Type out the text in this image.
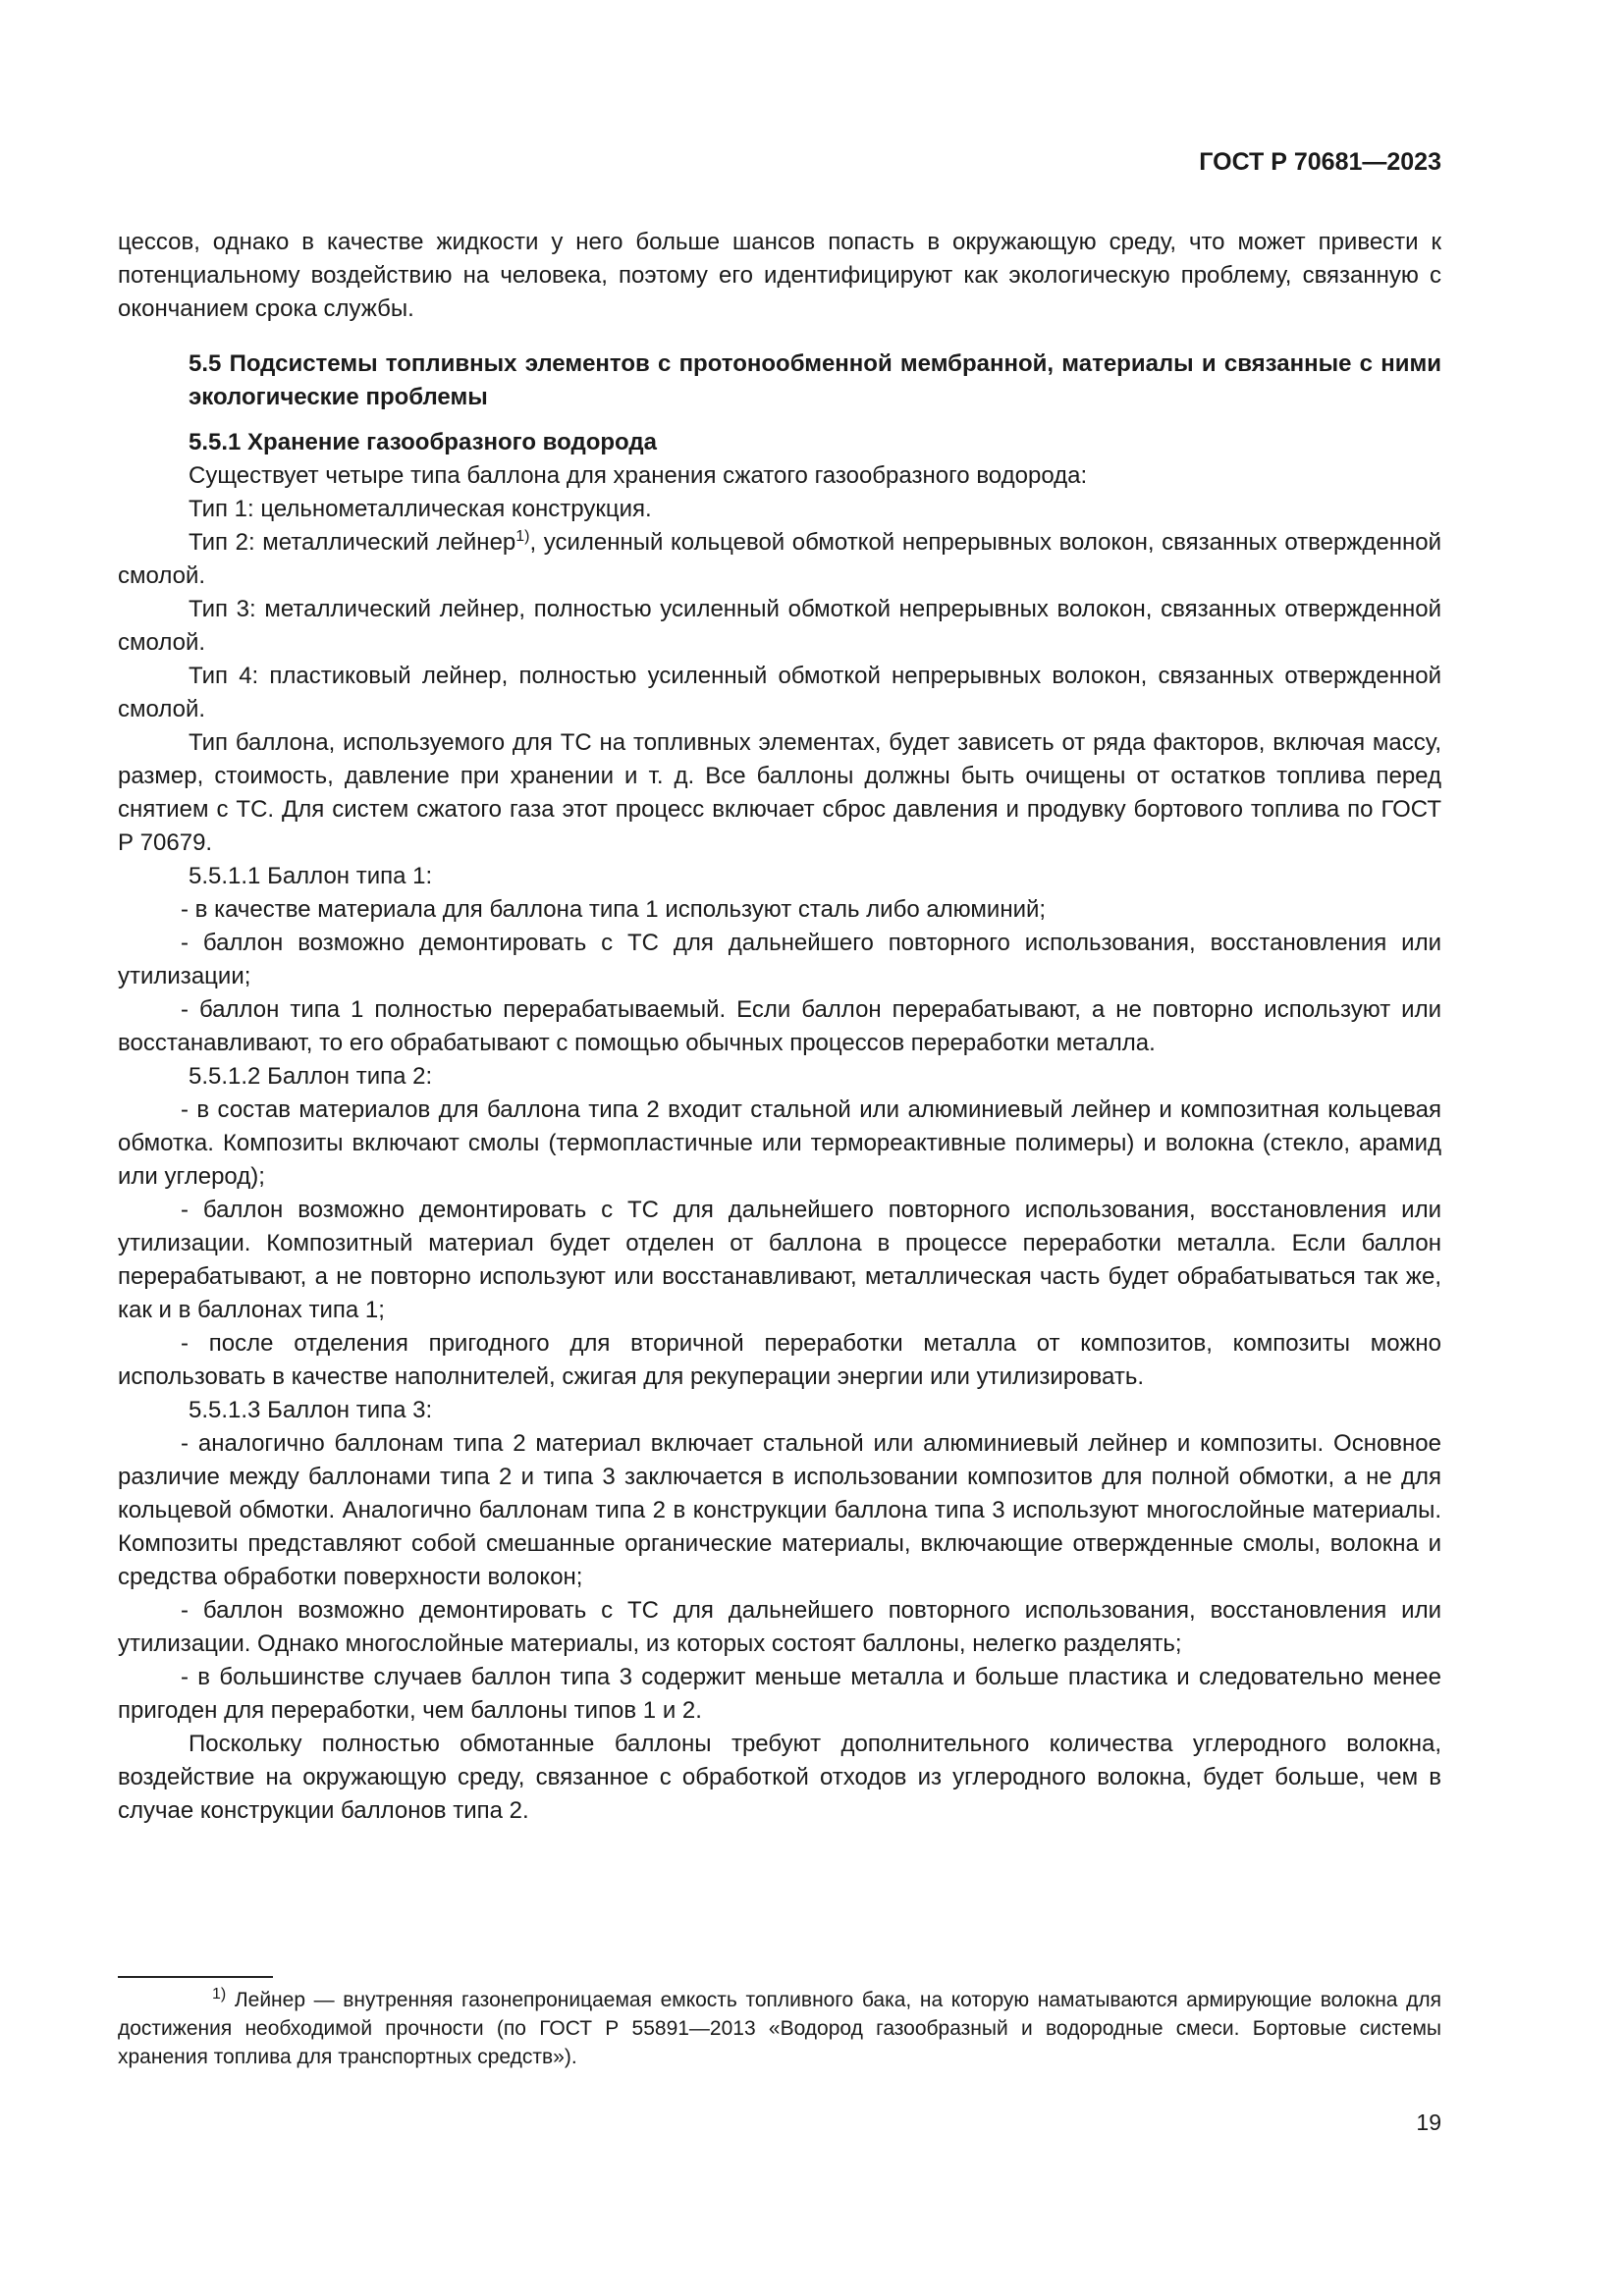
ГОСТ Р 70681—2023

цессов, однако в качестве жидкости у него больше шансов попасть в окружающую среду, что может привести к потенциальному воздействию на человека, поэтому его идентифицируют как экологическую проблему, связанную с окончанием срока службы.

5.5 Подсистемы топливных элементов с протонообменной мембранной, материалы и связанные с ними экологические проблемы

5.5.1 Хранение газообразного водорода

Существует четыре типа баллона для хранения сжатого газообразного водорода:

Тип 1: цельнометаллическая конструкция.

Тип 2: металлический лейнер$^{1)}$, усиленный кольцевой обмоткой непрерывных волокон, связанных отвержденной смолой.

Тип 3: металлический лейнер, полностью усиленный обмоткой непрерывных волокон, связанных отвержденной смолой.

Тип 4: пластиковый лейнер, полностью усиленный обмоткой непрерывных волокон, связанных отвержденной смолой.

Тип баллона, используемого для ТС на топливных элементах, будет зависеть от ряда факторов, включая массу, размер, стоимость, давление при хранении и т. д. Все баллоны должны быть очищены от остатков топлива перед снятием с ТС. Для систем сжатого газа этот процесс включает сброс давления и продувку бортового топлива по ГОСТ Р 70679.

5.5.1.1 Баллон типа 1:

- в качестве материала для баллона типа 1 используют сталь либо алюминий;

- баллон возможно демонтировать с ТС для дальнейшего повторного использования, восстановления или утилизации;

- баллон типа 1 полностью перерабатываемый. Если баллон перерабатывают, а не повторно используют или восстанавливают, то его обрабатывают с помощью обычных процессов переработки металла.

5.5.1.2 Баллон типа 2:

- в состав материалов для баллона типа 2 входит стальной или алюминиевый лейнер и композитная кольцевая обмотка. Композиты включают смолы (термопластичные или термореактивные полимеры) и волокна (стекло, арамид или углерод);

- баллон возможно демонтировать с ТС для дальнейшего повторного использования, восстановления или утилизации. Композитный материал будет отделен от баллона в процессе переработки металла. Если баллон перерабатывают, а не повторно используют или восстанавливают, металлическая часть будет обрабатываться так же, как и в баллонах типа 1;

- после отделения пригодного для вторичной переработки металла от композитов, композиты можно использовать в качестве наполнителей, сжигая для рекуперации энергии или утилизировать.

5.5.1.3 Баллон типа 3:

- аналогично баллонам типа 2 материал включает стальной или алюминиевый лейнер и композиты. Основное различие между баллонами типа 2 и типа 3 заключается в использовании композитов для полной обмотки, а не для кольцевой обмотки. Аналогично баллонам типа 2 в конструкции баллона типа 3 используют многослойные материалы. Композиты представляют собой смешанные органические материалы, включающие отвержденные смолы, волокна и средства обработки поверхности волокон;

- баллон возможно демонтировать с ТС для дальнейшего повторного использования, восстановления или утилизации. Однако многослойные материалы, из которых состоят баллоны, нелегко разделять;

- в большинстве случаев баллон типа 3 содержит меньше металла и больше пластика и следовательно менее пригоден для переработки, чем баллоны типов 1 и 2.

Поскольку полностью обмотанные баллоны требуют дополнительного количества углеродного волокна, воздействие на окружающую среду, связанное с обработкой отходов из углеродного волокна, будет больше, чем в случае конструкции баллонов типа 2.

$^{1)}$ Лейнер — внутренняя газонепроницаемая емкость топливного бака, на которую наматываются армирующие волокна для достижения необходимой прочности (по ГОСТ Р 55891—2013 «Водород газообразный и водородные смеси. Бортовые системы хранения топлива для транспортных средств»).
19
